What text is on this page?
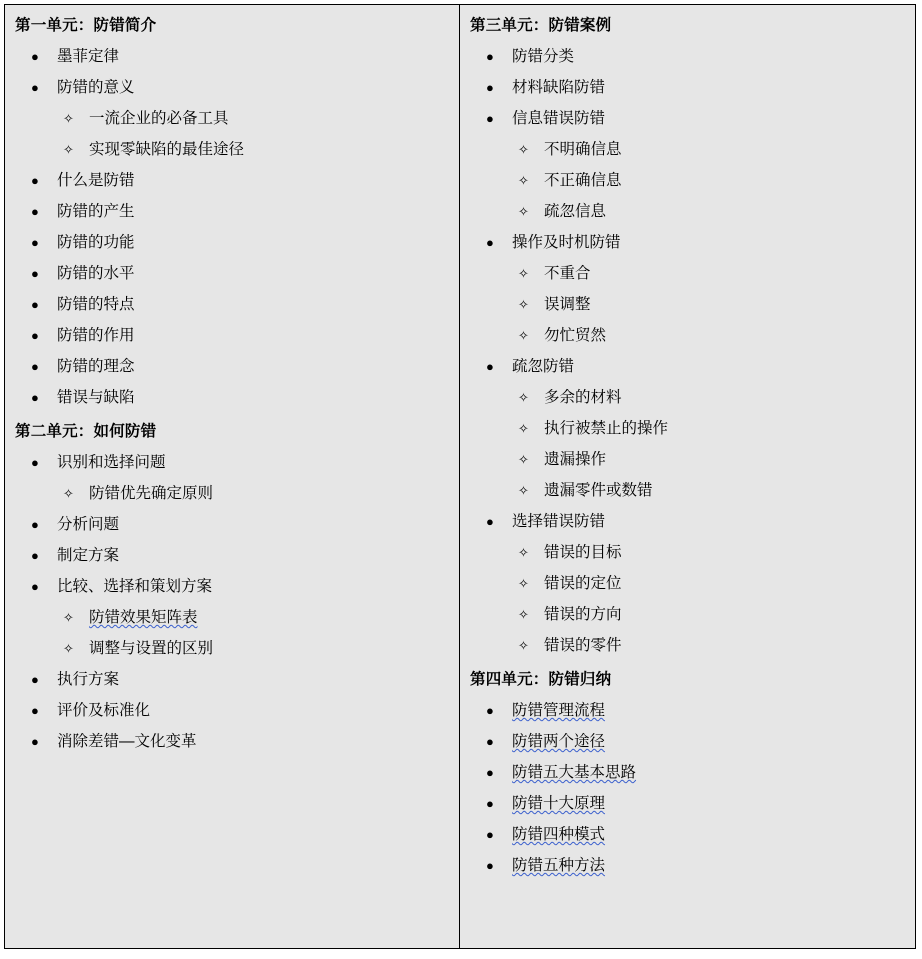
第一单元：防错简介
● 墨菲定律
● 防错的意义
✧ 一流企业的必备工具
✧ 实现零缺陷的最佳途径
● 什么是防错
● 防错的产生
● 防错的功能
● 防错的水平
● 防错的特点
● 防错的作用
● 防错的理念
● 错误与缺陷
第二单元：如何防错
● 识别和选择问题
✧ 防错优先确定原则
● 分析问题
● 制定方案
● 比较、选择和策划方案
✧ 防错效果矩阵表
✧ 调整与设置的区别
● 执行方案
● 评价及标准化
● 消除差错—文化变革
第三单元：防错案例
● 防错分类
● 材料缺陷防错
● 信息错误防错
✧ 不明确信息
✧ 不正确信息
✧ 疏忽信息
● 操作及时机防错
✧ 不重合
✧ 误调整
✧ 勿忙贸然
● 疏忽防错
✧ 多余的材料
✧ 执行被禁止的操作
✧ 遗漏操作
✧ 遗漏零件或数错
● 选择错误防错
✧ 错误的目标
✧ 错误的定位
✧ 错误的方向
✧ 错误的零件
第四单元：防错归纳
● 防错管理流程
● 防错两个途径
● 防错五大基本思路
● 防错十大原理
● 防错四种模式
● 防错五种方法
